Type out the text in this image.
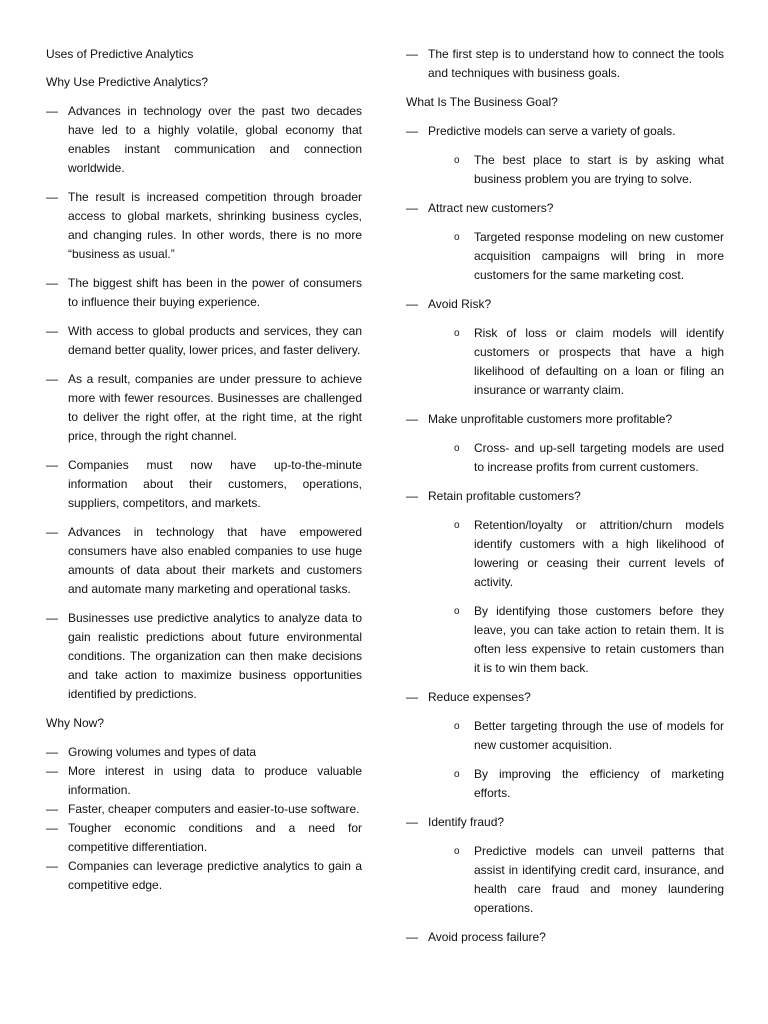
Uses of Predictive Analytics
Why Use Predictive Analytics?
— Advances in technology over the past two decades have led to a highly volatile, global economy that enables instant communication and connection worldwide.
— The result is increased competition through broader access to global markets, shrinking business cycles, and changing rules. In other words, there is no more “business as usual.”
— The biggest shift has been in the power of consumers to influence their buying experience.
— With access to global products and services, they can demand better quality, lower prices, and faster delivery.
— As a result, companies are under pressure to achieve more with fewer resources. Businesses are challenged to deliver the right offer, at the right time, at the right price, through the right channel.
— Companies must now have up-to-the-minute information about their customers, operations, suppliers, competitors, and markets.
— Advances in technology that have empowered consumers have also enabled companies to use huge amounts of data about their markets and customers and automate many marketing and operational tasks.
— Businesses use predictive analytics to analyze data to gain realistic predictions about future environmental conditions. The organization can then make decisions and take action to maximize business opportunities identified by predictions.
Why Now?
— Growing volumes and types of data
— More interest in using data to produce valuable information.
— Faster, cheaper computers and easier-to-use software.
— Tougher economic conditions and a need for competitive differentiation.
— Companies can leverage predictive analytics to gain a competitive edge.
— The first step is to understand how to connect the tools and techniques with business goals.
What Is The Business Goal?
— Predictive models can serve a variety of goals.
o	The best place to start is by asking what business problem you are trying to solve.
— Attract new customers?
o	Targeted response modeling on new customer acquisition campaigns will bring in more customers for the same marketing cost.
— Avoid Risk?
o	Risk of loss or claim models will identify customers or prospects that have a high likelihood of defaulting on a loan or filing an insurance or warranty claim.
— Make unprofitable customers more profitable?
o	Cross- and up-sell targeting models are used to increase profits from current customers.
— Retain profitable customers?
o	Retention/loyalty or attrition/churn models identify customers with a high likelihood of lowering or ceasing their current levels of activity.
o	By identifying those customers before they leave, you can take action to retain them. It is often less expensive to retain customers than it is to win them back.
— Reduce expenses?
o	Better targeting through the use of models for new customer acquisition.
o	By improving the efficiency of marketing efforts.
— Identify fraud?
o	Predictive models can unveil patterns that assist in identifying credit card, insurance, and health care fraud and money laundering operations.
— Avoid process failure?
